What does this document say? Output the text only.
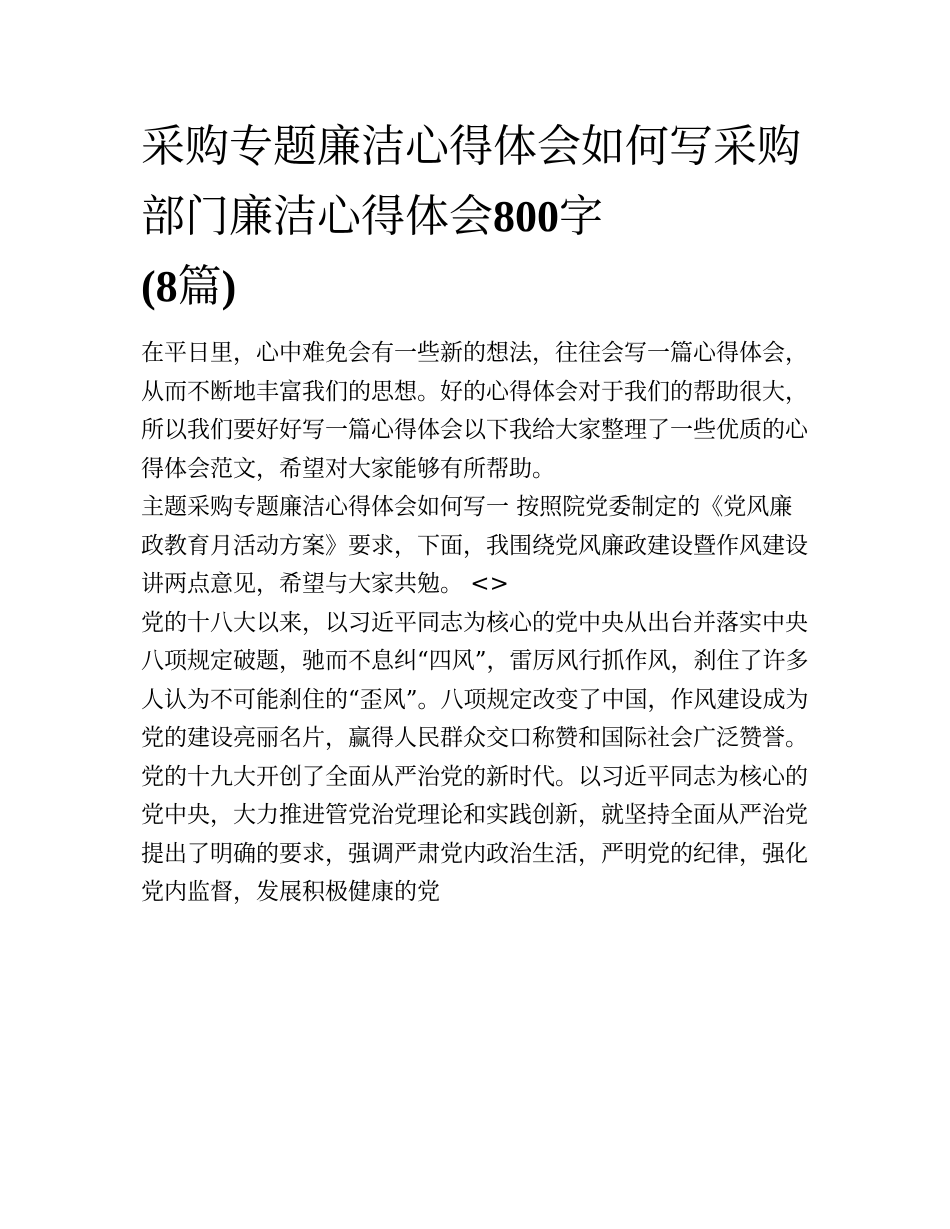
采购专题廉洁心得体会如何写采购部门廉洁心得体会800字
(8篇)

在平日里，心中难免会有一些新的想法，往往会写一篇心得体会，从而不断地丰富我们的思想。好的心得体会对于我们的帮助很大，所以我们要好好写一篇心得体会以下我给大家整理了一些优质的心得体会范文，希望对大家能够有所帮助。

主题采购专题廉洁心得体会如何写一 按照院党委制定的《党风廉政教育月活动方案》要求，下面，我围绕党风廉政建设暨作风建设讲两点意见，希望与大家共勉。 <>

党的十八大以来，以习近平同志为核心的党中央从出台并落实中央八项规定破题，驰而不息纠“四风”，雷厉风行抓作风，刹住了许多人认为不可能刹住的“歪风”。八项规定改变了中国，作风建设成为党的建设亮丽名片，赢得人民群众交口称赞和国际社会广泛赞誉。党的十九大开创了全面从严治党的新时代。以习近平同志为核心的党中央，大力推进管党治党理论和实践创新，就坚持全面从严治党提出了明确的要求，强调严肃党内政治生活，严明党的纪律，强化党内监督，发展积极健康的党
